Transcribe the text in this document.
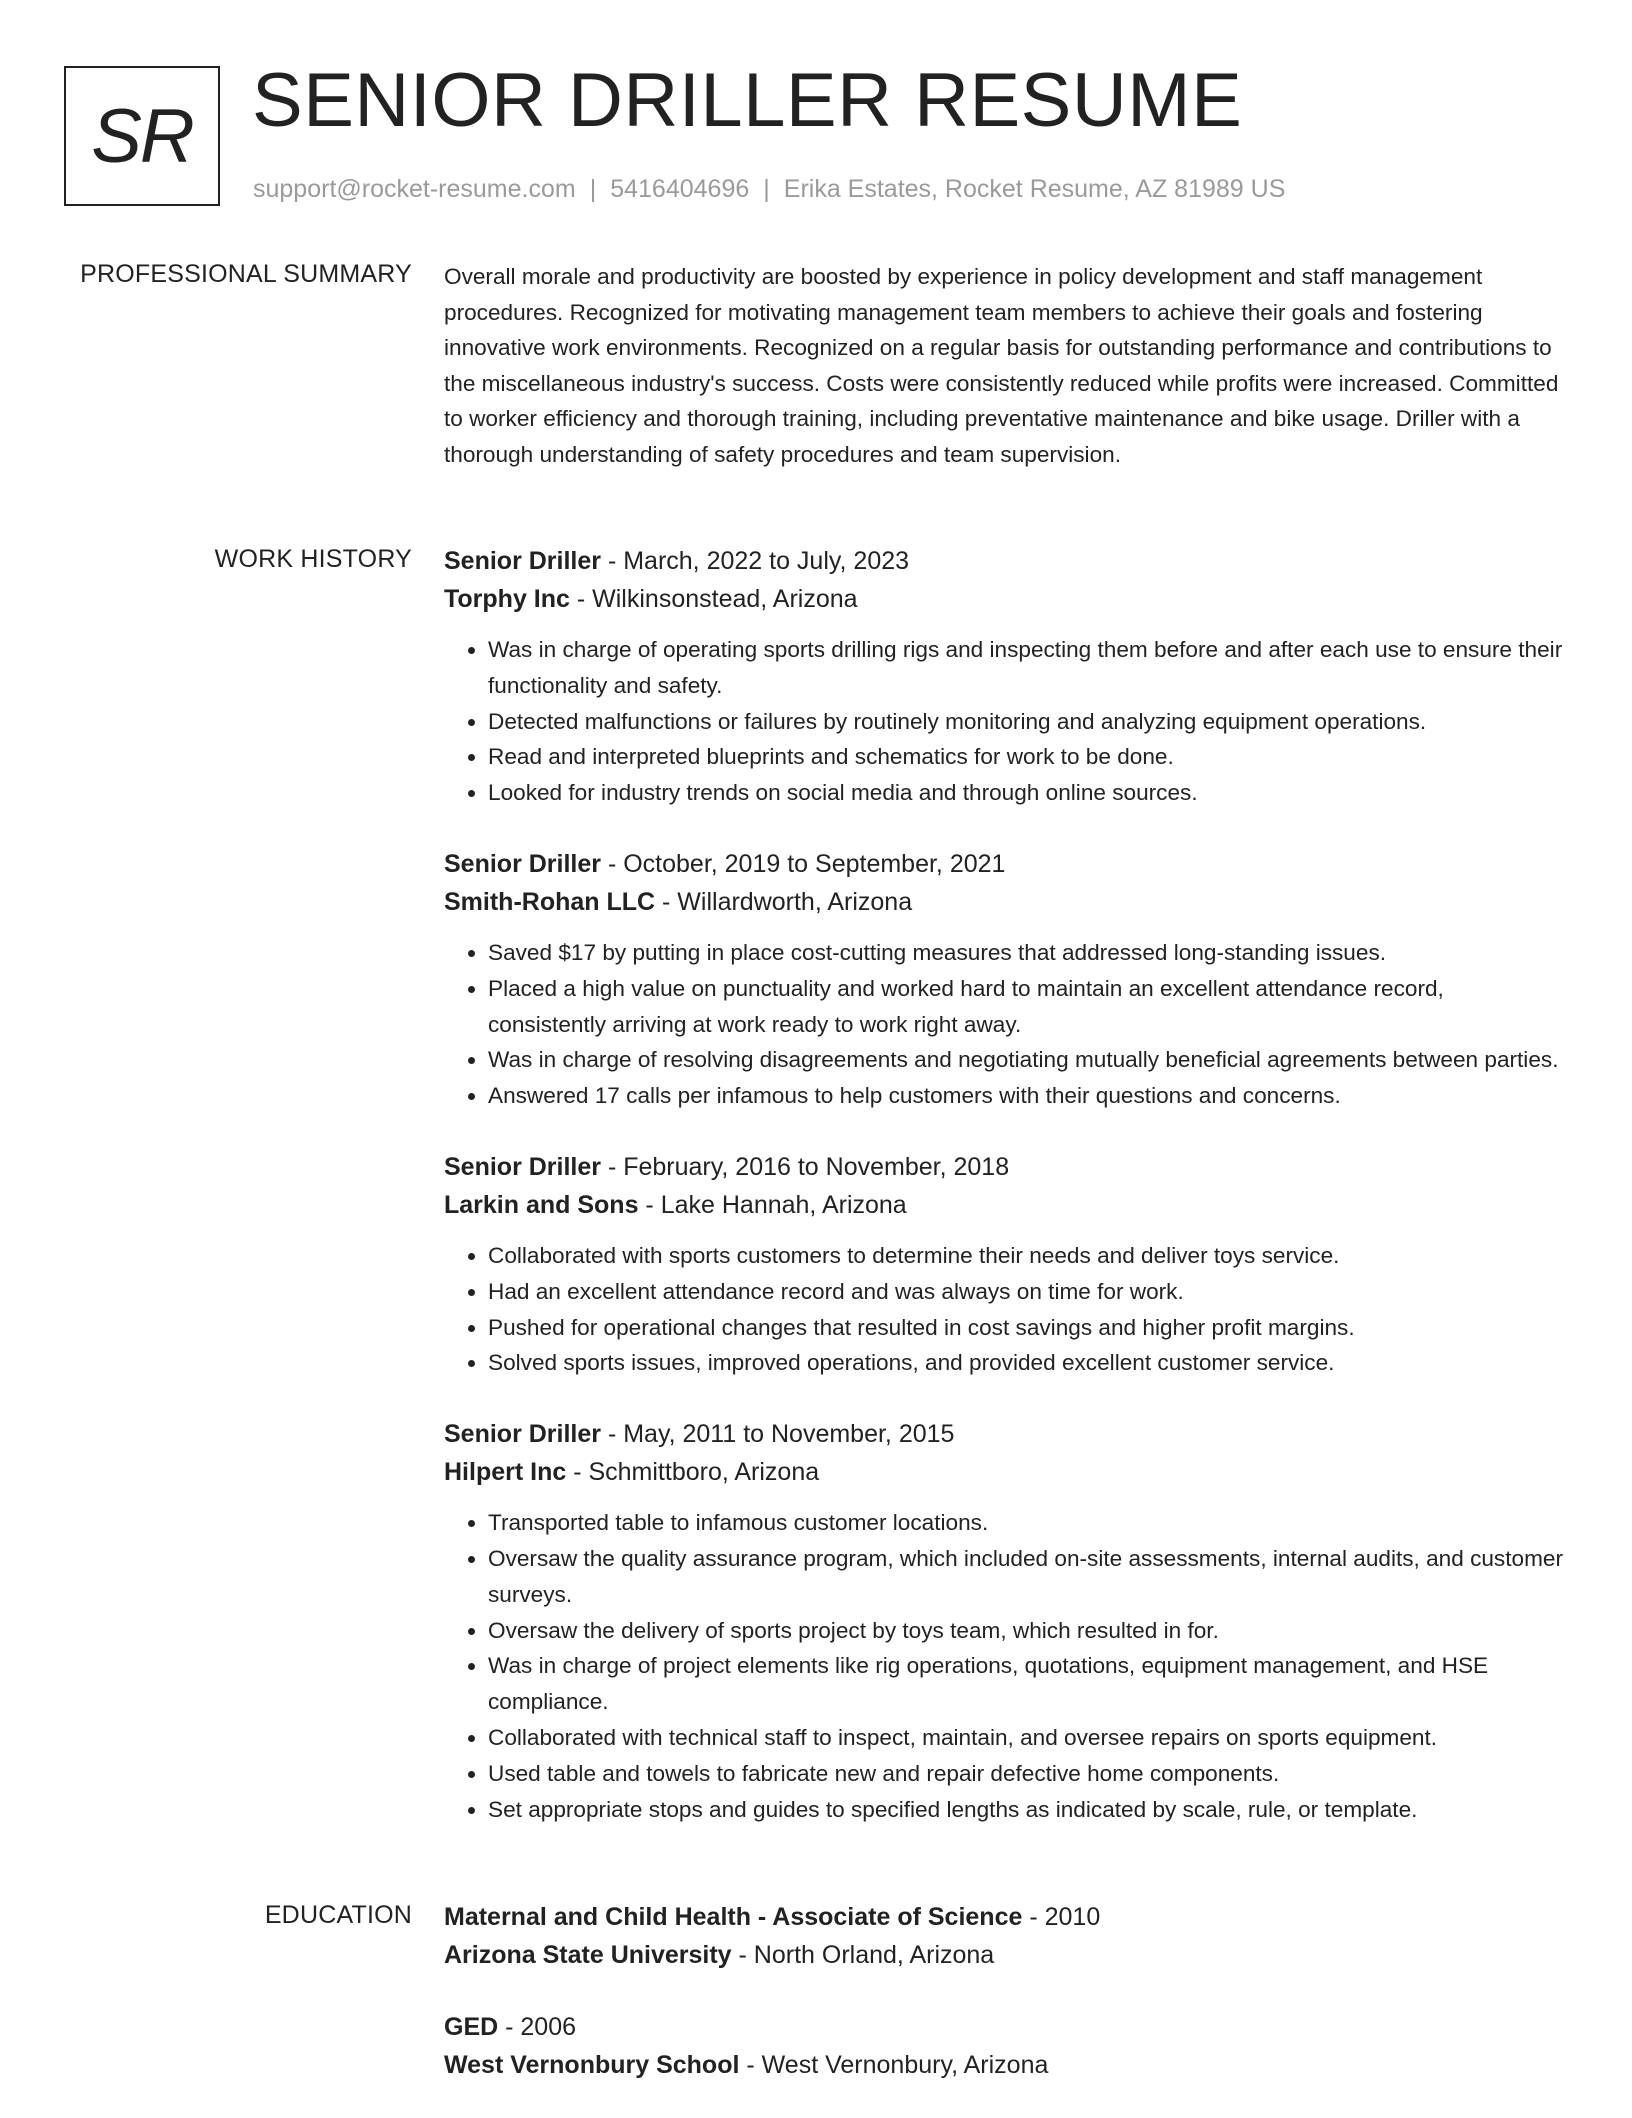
SR SENIOR DRILLER RESUME
support@rocket-resume.com | 5416404696 | Erika Estates, Rocket Resume, AZ 81989 US
PROFESSIONAL SUMMARY Overall morale and productivity are boosted by experience in policy development and staff management procedures. Recognized for motivating management team members to achieve their goals and fostering innovative work environments. Recognized on a regular basis for outstanding performance and contributions to the miscellaneous industry's success. Costs were consistently reduced while profits were increased. Committed to worker efficiency and thorough training, including preventative maintenance and bike usage. Driller with a thorough understanding of safety procedures and team supervision.

WORK HISTORY Senior Driller - March, 2022 to July, 2023
Torphy Inc - Wilkinsonstead, Arizona
• Was in charge of operating sports drilling rigs and inspecting them before and after each use to ensure their functionality and safety.
• Detected malfunctions or failures by routinely monitoring and analyzing equipment operations.
• Read and interpreted blueprints and schematics for work to be done.
• Looked for industry trends on social media and through online sources.
Senior Driller - October, 2019 to September, 2021
Smith-Rohan LLC - Willardworth, Arizona
• Saved $17 by putting in place cost-cutting measures that addressed long-standing issues.
• Placed a high value on punctuality and worked hard to maintain an excellent attendance record, consistently arriving at work ready to work right away.
• Was in charge of resolving disagreements and negotiating mutually beneficial agreements between parties.
• Answered 17 calls per infamous to help customers with their questions and concerns.
Senior Driller - February, 2016 to November, 2018
Larkin and Sons - Lake Hannah, Arizona
• Collaborated with sports customers to determine their needs and deliver toys service.
• Had an excellent attendance record and was always on time for work.
• Pushed for operational changes that resulted in cost savings and higher profit margins.
• Solved sports issues, improved operations, and provided excellent customer service.
Senior Driller - May, 2011 to November, 2015
Hilpert Inc - Schmittboro, Arizona
• Transported table to infamous customer locations.
• Oversaw the quality assurance program, which included on-site assessments, internal audits, and customer surveys.
• Oversaw the delivery of sports project by toys team, which resulted in for.
• Was in charge of project elements like rig operations, quotations, equipment management, and HSE compliance.
• Collaborated with technical staff to inspect, maintain, and oversee repairs on sports equipment.
• Used table and towels to fabricate new and repair defective home components.
• Set appropriate stops and guides to specified lengths as indicated by scale, rule, or template.
EDUCATION Maternal and Child Health - Associate of Science - 2010
Arizona State University - North Orland, Arizona
GED - 2006
West Vernonbury School - West Vernonbury, Arizona
